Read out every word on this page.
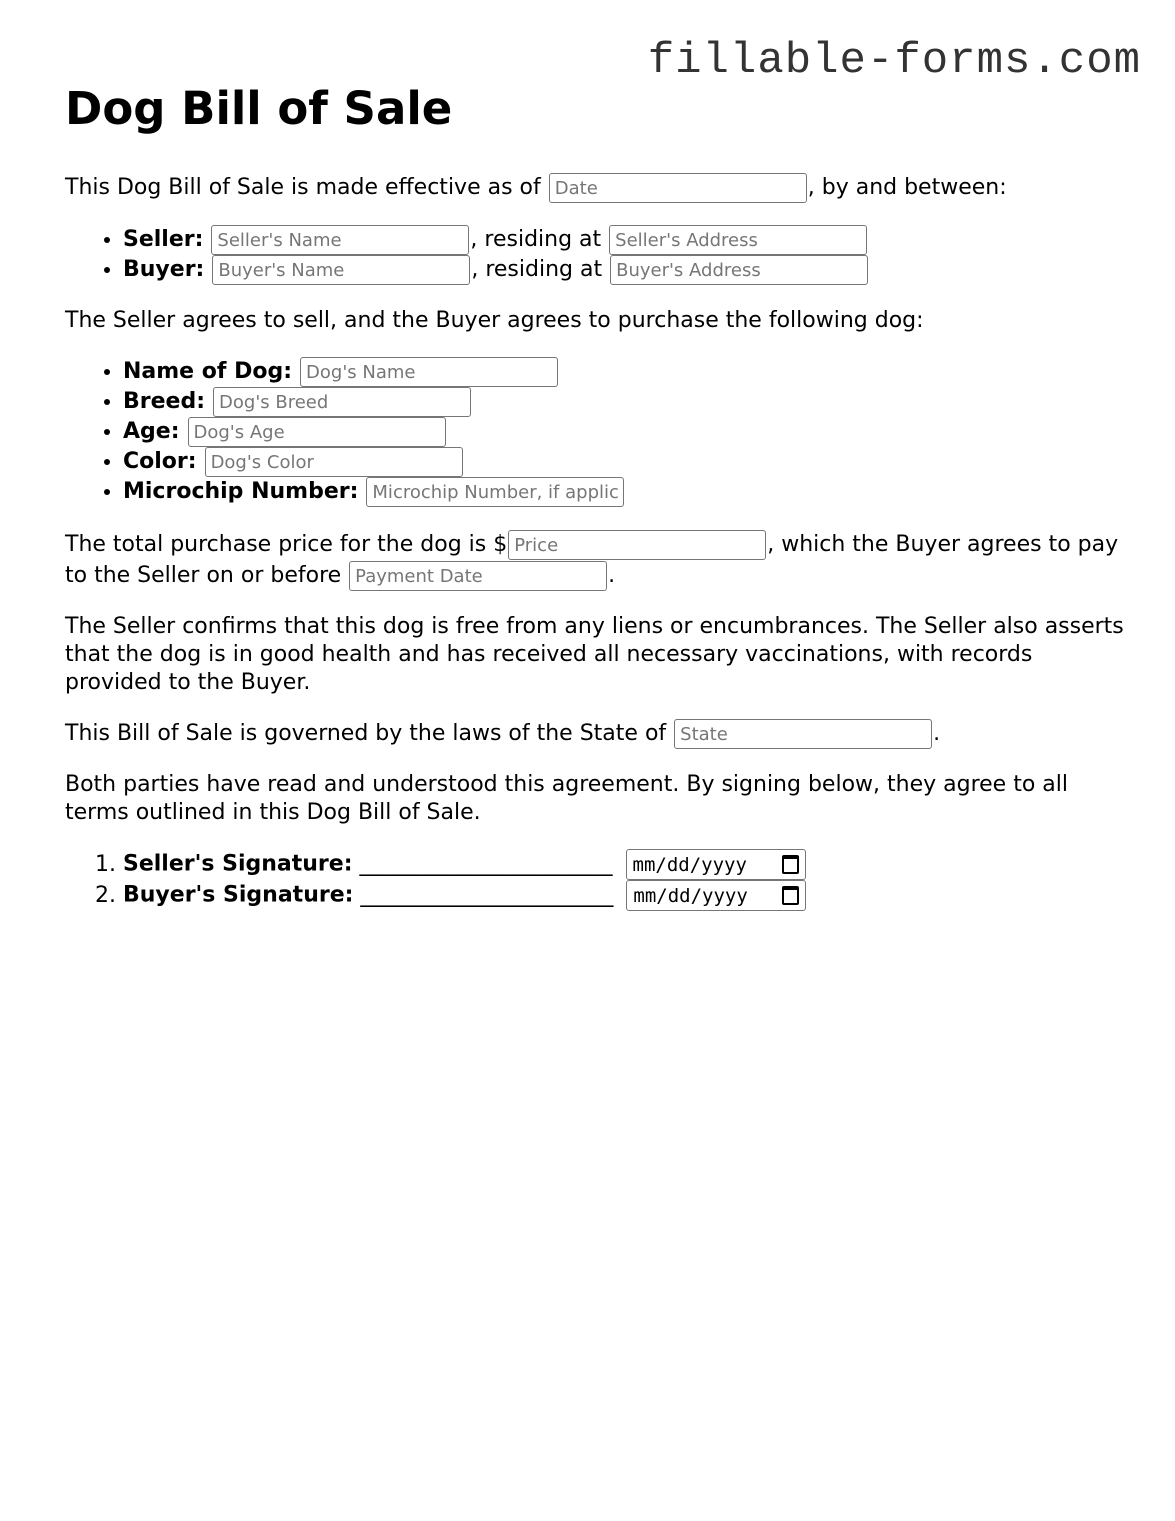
fillable-forms.com
Dog Bill of Sale

This Dog Bill of Sale is made effective as of Date	, by and between:

• Seller: Seller's Name	, residing at Seller's Address
• Buyer: Buyer's Name	, residing at Buyer's Address

The Seller agrees to sell, and the Buyer agrees to purchase the following dog:

• Name of Dog: Dog's Name
• Breed: Dog's Breed
• Age: Dog's Age
• Color: Dog's Color
• Microchip Number: Microchip Number, if applicable

The total purchase price for the dog is $Price	, which the Buyer agrees to pay to the Seller on or before Payment Date	.

The Seller confirms that this dog is free from any liens or encumbrances. The Seller also asserts that the dog is in good health and has received all necessary vaccinations, with records provided to the Buyer.

This Bill of Sale is governed by the laws of the State of State	.

Both parties have read and understood this agreement. By signing below, they agree to all terms outlined in this Dog Bill of Sale.

1. Seller's Signature: _______________________ mm/dd/yyyy
2. Buyer's Signature: _______________________ mm/dd/yyyy
